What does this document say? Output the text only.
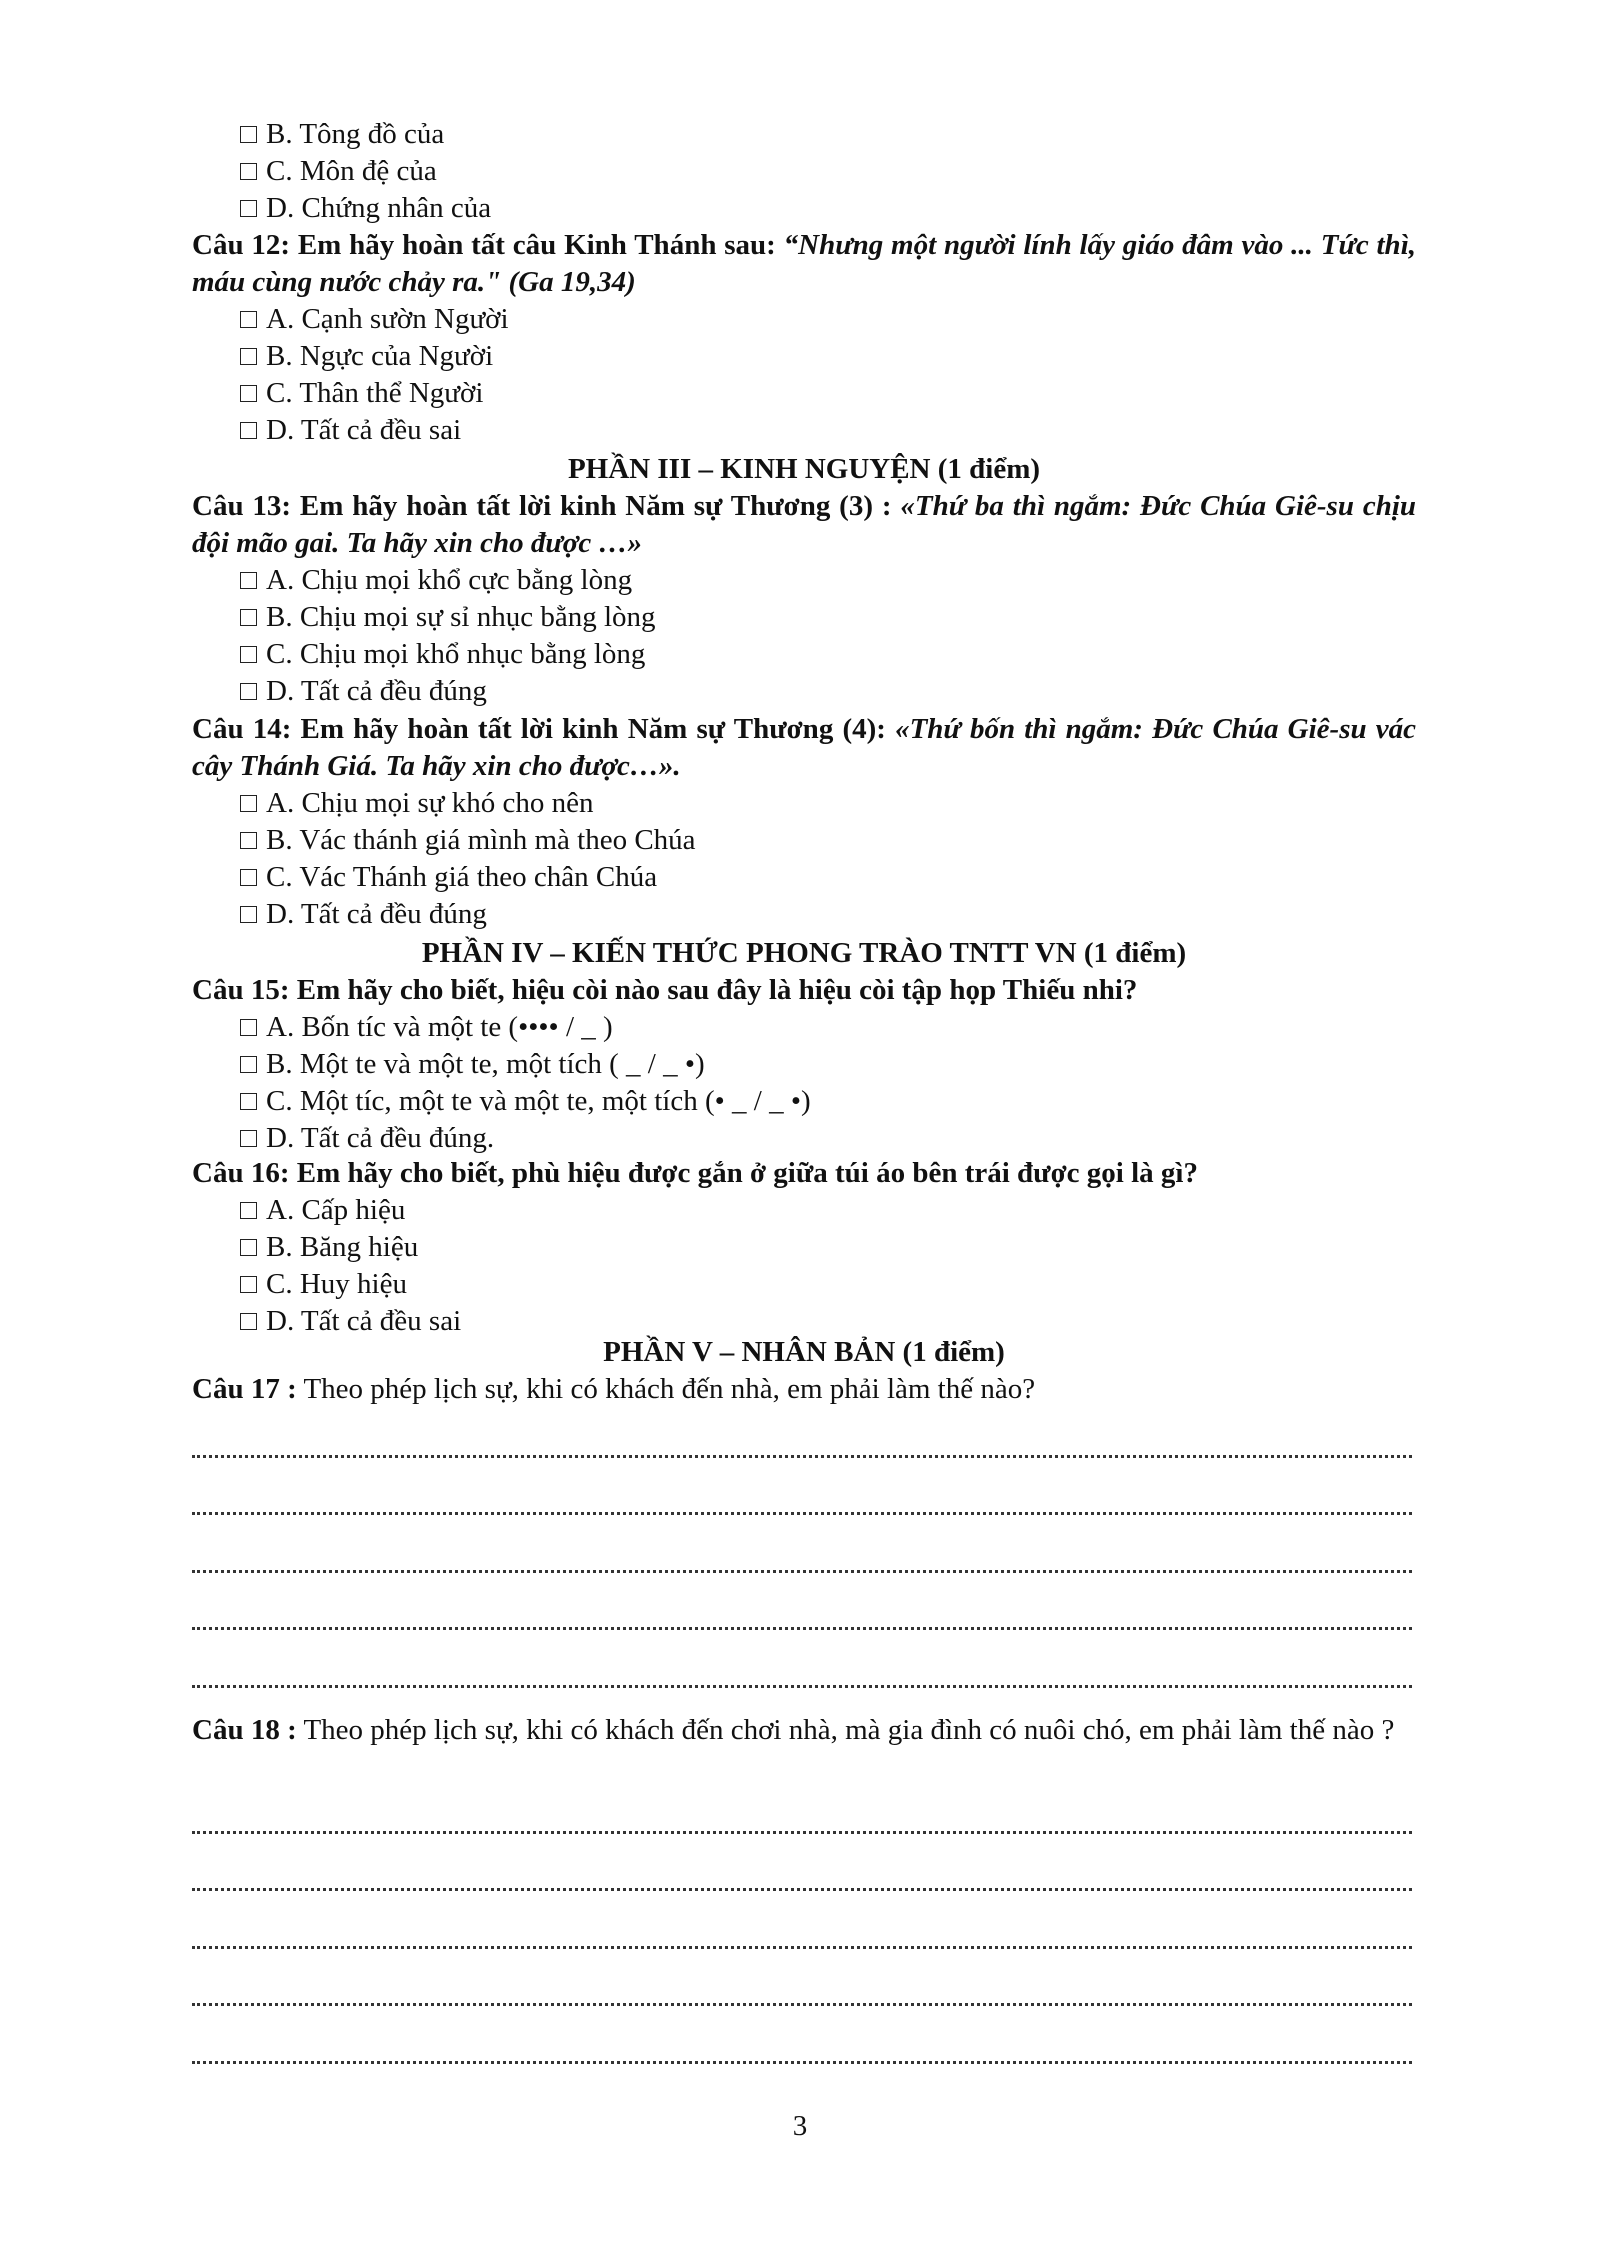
B. Tông đồ của
C. Môn đệ của
D. Chứng nhân của
Câu 12: Em hãy hoàn tất câu Kinh Thánh sau: “Nhưng một người lính lấy giáo đâm vào ... Tức thì, máu cùng nước chảy ra." (Ga 19,34)
A. Cạnh sườn Người
B. Ngực của Người
C. Thân thể Người
D. Tất cả đều sai
PHẦN III – KINH NGUYỆN (1 điểm)
Câu 13: Em hãy hoàn tất lời kinh Năm sự Thương (3) : «Thứ ba thì ngắm: Đức Chúa Giê-su chịu đội mão gai. Ta hãy xin cho được …»
A. Chịu mọi khổ cực bằng lòng
B. Chịu mọi sự sỉ nhục bằng lòng
C. Chịu mọi khổ nhục bằng lòng
D. Tất cả đều đúng
Câu 14: Em hãy hoàn tất lời kinh Năm sự Thương (4): «Thứ bốn thì ngắm: Đức Chúa Giê-su vác cây Thánh Giá. Ta hãy xin cho được…».
A. Chịu mọi sự khó cho nên
B. Vác thánh giá mình mà theo Chúa
C. Vác Thánh giá theo chân Chúa
D. Tất cả đều đúng
PHẦN IV – KIẾN THỨC PHONG TRÀO TNTT VN (1 điểm)
Câu 15: Em hãy cho biết, hiệu còi nào sau đây là hiệu còi tập họp Thiếu nhi?
A. Bốn tíc và một te (•••• / _ )
B. Một te và một te, một tích ( _ / _ •)
C. Một tíc, một te và một te, một tích (• _ / _ •)
D. Tất cả đều đúng.
Câu 16: Em hãy cho biết, phù hiệu được gắn ở giữa túi áo bên trái được gọi là gì?
A. Cấp hiệu
B. Băng hiệu
C. Huy hiệu
D. Tất cả đều sai
PHẦN V – NHÂN BẢN (1 điểm)
Câu 17 : Theo phép lịch sự, khi có khách đến nhà, em phải làm thế nào?
Câu 18 : Theo phép lịch sự, khi có khách đến chơi nhà, mà gia đình có nuôi chó, em phải làm thế nào ?
3
